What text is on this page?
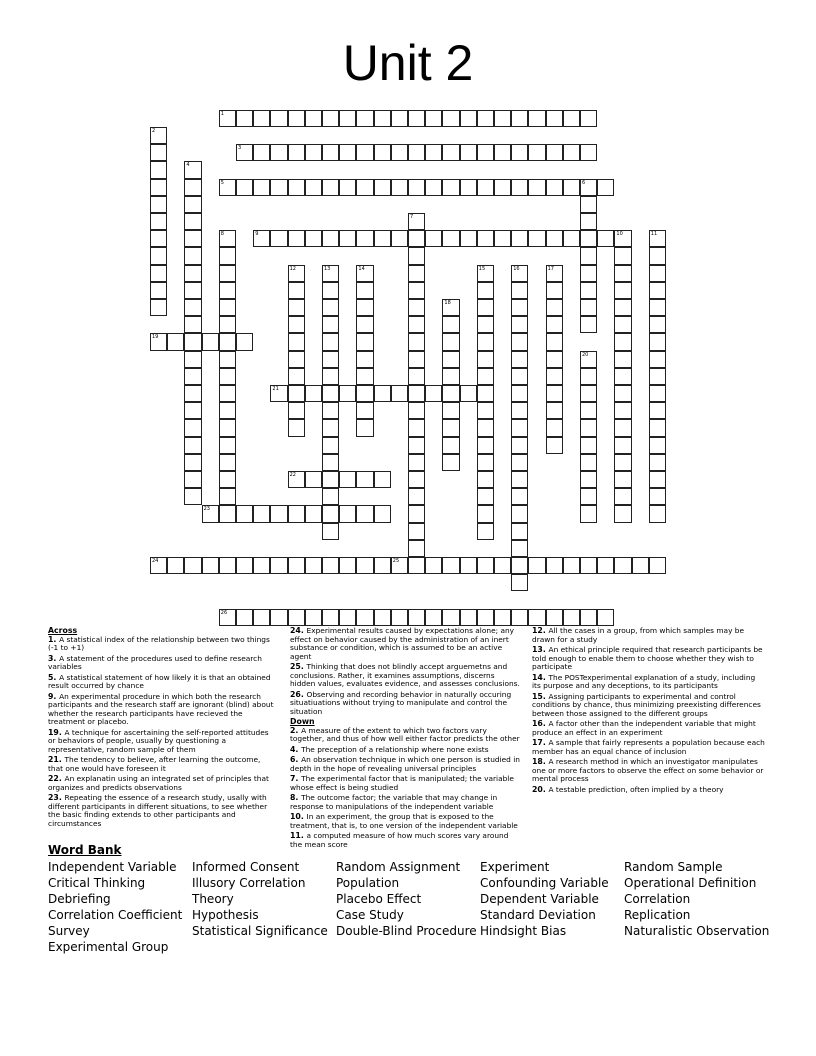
Unit 2
1
2
3
4
5	6
7
8	9	10	11
12	13	14	15	16	17
18
19
20
21
22
23
24	25
26
Across
1. A statistical index of the relationship between two things (-1 to +1)
3. A statement of the procedures used to define research variables
5. A statistical statement of how likely it is that an obtained result occurred by chance
9. An experimental procedure in which both the research participants and the research staff are ignorant (blind) about whether the research participants have recieved the treatment or placebo.
19. A technique for ascertaining the self-reported attitudes or behaviors of people, usually by questioning a representative, random sample of them
21. The tendency to believe, after learning the outcome, that one would have foreseen it
22. An explanatin using an integrated set of principles that organizes and predicts observations
23. Repeating the essence of a research study, usally with different participants in different situations, to see whether the basic finding extends to other participants and circumstances
24. Experimental results caused by expectations alone; any effect on behavior caused by the administration of an inert substance or condition, which is assumed to be an active agent
25. Thinking that does not blindly accept arguemetns and conclusions. Rather, it examines assumptions, discerns hidden values, evaluates evidence, and assesses conclusions.
26. Observing and recording behavior in naturally occuring situatiuations without trying to manipulate and control the situation
Down
2. A measure of the extent to which two factors vary together, and thus of how well either factor predicts the other
4. The preception of a relationship where none exists
6. An observation technique in which one person is studied in depth in the hope of revealing universal principles
7. The experimental factor that is manipulated; the variable whose effect is being studied
8. The outcome factor; the variable that may change in response to manipulations of the independent variable
10. In an experiment, the group that is exposed to the treatment, that is, to one version of the independent variable
11. a computed measure of how much scores vary around the mean score
12. All the cases in a group, from which samples may be drawn for a study
13. An ethical principle required that research participants be told enough to enable them to choose whether they wish to participate
14. The POSTexperimental explanation of a study, including its purpose and any deceptions, to its participants
15. Assigning participants to experimental and control conditions by chance, thus minimizing preexisting differences between those assigned to the different groups
16. A factor other than the independent variable that might produce an effect in an experiment
17. A sample that fairly represents a population because each member has an equal chance of inclusion
18. A research method in which an investigator manipulates one or more factors to observe the effect on some behavior or mental process
20. A testable prediction, often implied by a theory
Word Bank
Independent Variable Informed Consent	Random Assignment Experiment	Random Sample
Critical Thinking	Illusory Correlation	Population	Confounding Variable Operational Definition
Debriefing	Theory	Placebo Effect	Dependent Variable Correlation
Correlation Coefficient Hypothesis	Case Study	Standard Deviation Replication
Survey	Statistical Significance Double-Blind Procedure Hindsight Bias	Naturalistic Observation
Experimental Group
